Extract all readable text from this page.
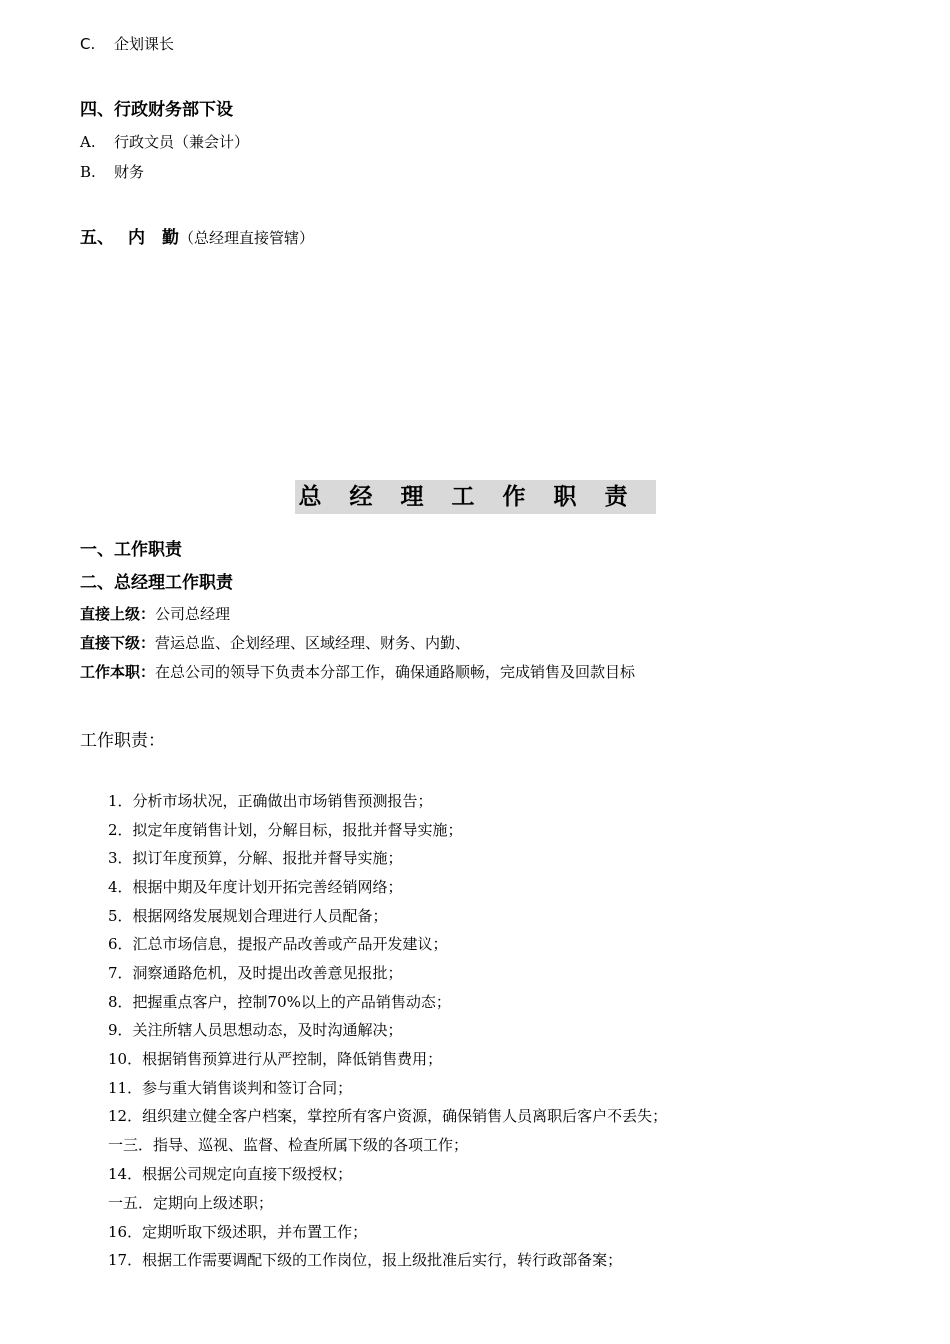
C. 企划课长
四、行政财务部下设
A. 行政文员（兼会计）
B. 财务
五、 内　勤（总经理直接管辖）
总经理工作职责
一、工作职责
二、总经理工作职责
直接上级：公司总经理
直接下级：营运总监、企划经理、区域经理、财务、内勤、
工作本职：在总公司的领导下负责本分部工作，确保通路顺畅，完成销售及回款目标
工作职责：
1．分析市场状况，正确做出市场销售预测报告；
2．拟定年度销售计划，分解目标，报批并督导实施；
3．拟订年度预算，分解、报批并督导实施；
4．根据中期及年度计划开拓完善经销网络；
5．根据网络发展规划合理进行人员配备；
6．汇总市场信息，提报产品改善或产品开发建议；
7．洞察通路危机，及时提出改善意见报批；
8．把握重点客户，控制70%以上的产品销售动态；
9．关注所辖人员思想动态，及时沟通解决；
10．根据销售预算进行从严控制，降低销售费用；
11．参与重大销售谈判和签订合同；
12．组织建立健全客户档案，掌控所有客户资源，确保销售人员离职后客户不丢失；
一三．指导、巡视、监督、检查所属下级的各项工作；
14．根据公司规定向直接下级授权；
一五．定期向上级述职；
16．定期听取下级述职，并布置工作；
17．根据工作需要调配下级的工作岗位，报上级批准后实行，转行政部备案；
